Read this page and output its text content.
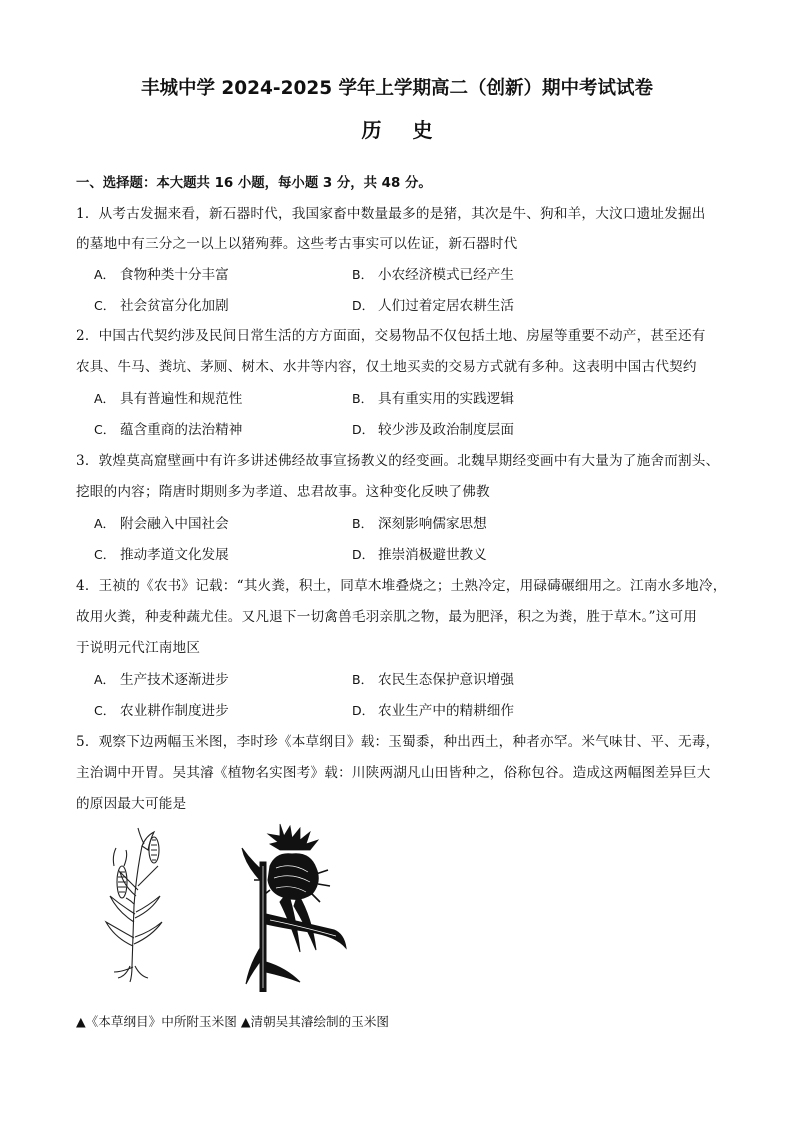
丰城中学 2024-2025 学年上学期高二（创新）期中考试试卷
历 史
一、选择题：本大题共 16 小题，每小题 3 分，共 48 分。
1．从考古发掘来看，新石器时代，我国家畜中数量最多的是猪，其次是牛、狗和羊，大汶口遗址发掘出
的墓地中有三分之一以上以猪殉葬。这些考古事实可以佐证，新石器时代
A． 食物种类十分丰富	B． 小农经济模式已经产生
C． 社会贫富分化加剧	D． 人们过着定居农耕生活
2．中国古代契约涉及民间日常生活的方方面面，交易物品不仅包括土地、房屋等重要不动产，甚至还有
农具、牛马、粪坑、茅厕、树木、水井等内容，仅土地买卖的交易方式就有多种。这表明中国古代契约
A． 具有普遍性和规范性	B． 具有重实用的实践逻辑
C． 蕴含重商的法治精神	D． 较少涉及政治制度层面
3．敦煌莫高窟壁画中有许多讲述佛经故事宣扬教义的经变画。北魏早期经变画中有大量为了施舍而割头、
挖眼的内容；隋唐时期则多为孝道、忠君故事。这种变化反映了佛教
A． 附会融入中国社会	B． 深刻影响儒家思想
C． 推动孝道文化发展	D． 推崇消极避世教义
4．王祯的《农书》记载：“其火粪，积土，同草木堆叠烧之；土熟冷定，用碌碡碾细用之。江南水多地冷，
故用火粪，种麦种蔬尤佳。又凡退下一切禽兽毛羽亲肌之物，最为肥泽，积之为粪，胜于草木。”这可用
于说明元代江南地区
A． 生产技术逐渐进步	B． 农民生态保护意识增强
C． 农业耕作制度进步	D． 农业生产中的精耕细作
5．观察下边两幅玉米图，李时珍《本草纲目》载：玉蜀黍，种出西土，种者亦罕。米气味甘、平、无毒，
主治调中开胃。吴其濬《植物名实图考》载：川陕两湖凡山田皆种之，俗称包谷。造成这两幅图差异巨大
的原因最大可能是
▲《本草纲目》中所附玉米图 ▲清朝吴其濬绘制的玉米图
